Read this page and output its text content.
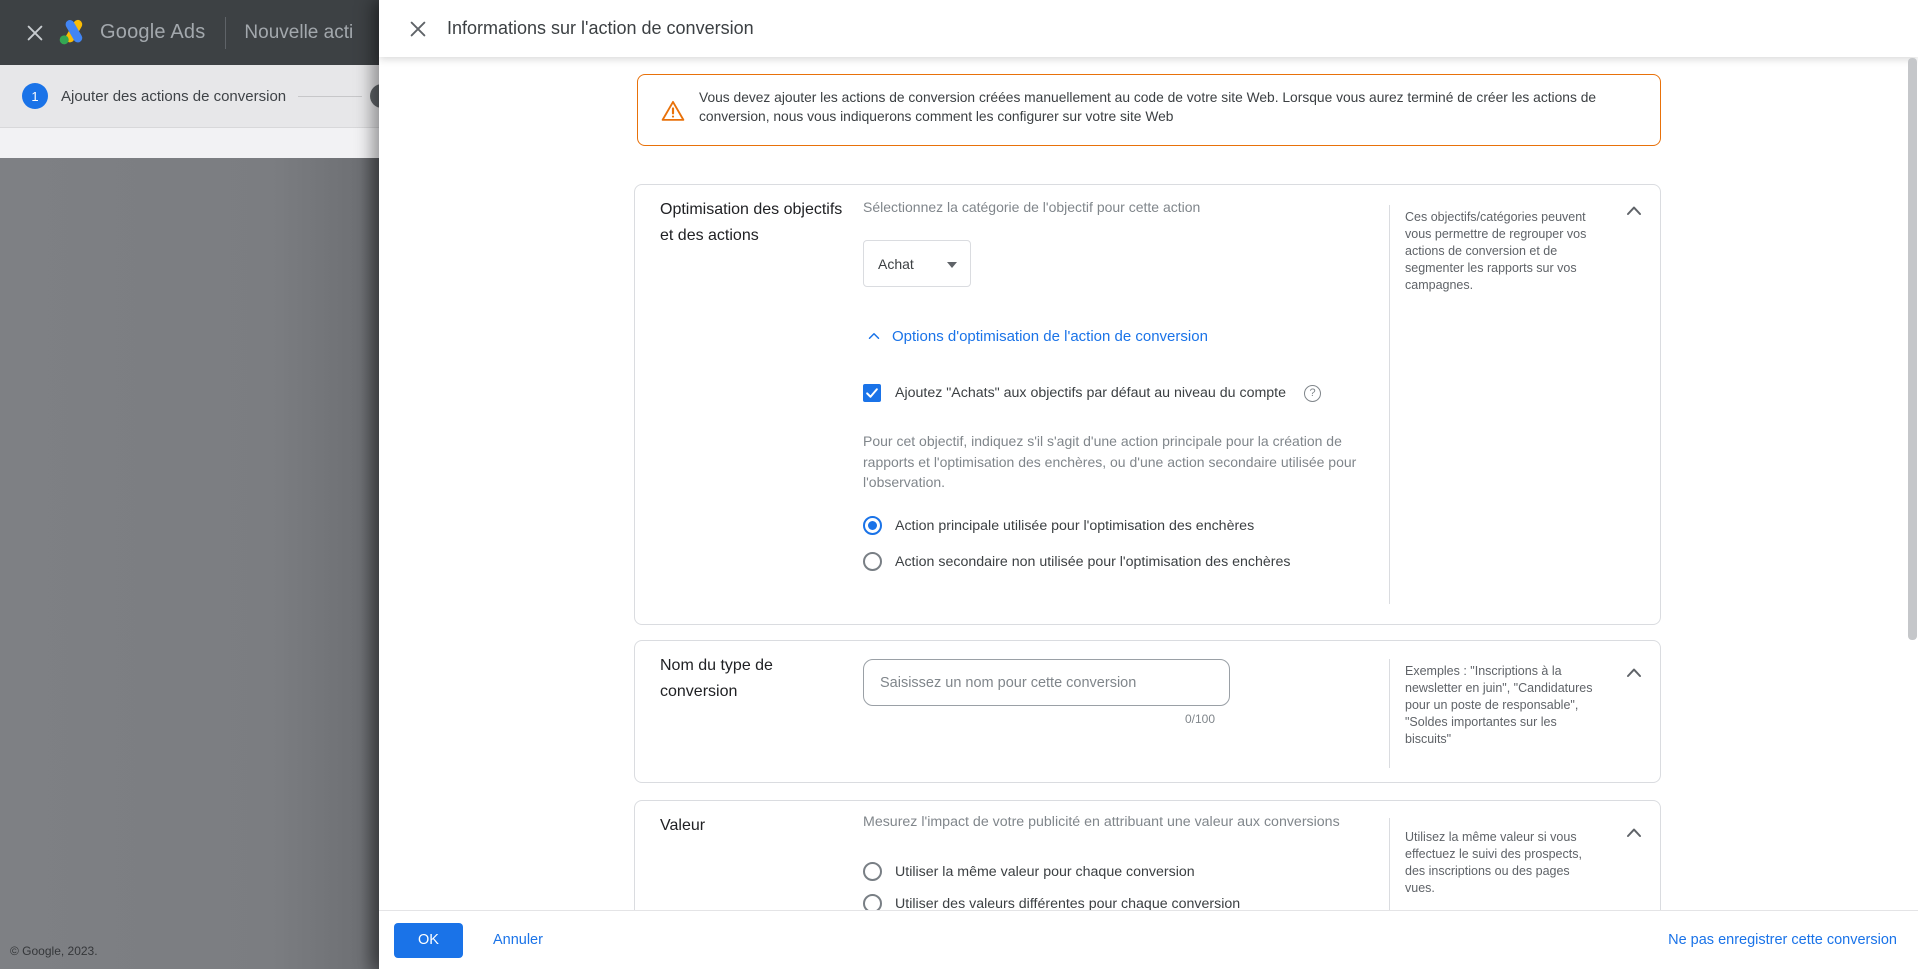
Google Ads Nouvelle acti
1	Ajouter des actions de conversion
© Google, 2023.
Informations sur l'action de conversion
Vous devez ajouter les actions de conversion créées manuellement au code de votre site Web. Lorsque vous aurez terminé de créer les actions de conversion, nous vous indiquerons comment les configurer sur votre site Web
Optimisation des objectifs et des actions
Sélectionnez la catégorie de l'objectif pour cette action
Achat
Options d'optimisation de l'action de conversion
Ajoutez "Achats" aux objectifs par défaut au niveau du compte	?
Pour cet objectif, indiquez s'il s'agit d'une action principale pour la création de rapports et l'optimisation des enchères, ou d'une action secondaire utilisée pour l'observation.
Action principale utilisée pour l'optimisation des enchères
Action secondaire non utilisée pour l'optimisation des enchères
Ces objectifs/catégories peuvent vous permettre de regrouper vos actions de conversion et de segmenter les rapports sur vos campagnes.
Nom du type de conversion
Saisissez un nom pour cette conversion
0/100
Exemples : "Inscriptions à la newsletter en juin", "Candidatures pour un poste de responsable", "Soldes importantes sur les biscuits"
Valeur	Mesurez l'impact de votre publicité en attribuant une valeur aux conversions
Utiliser la même valeur pour chaque conversion
Utiliser des valeurs différentes pour chaque conversion
Utilisez la même valeur si vous effectuez le suivi des prospects, des inscriptions ou des pages vues.
OK	Annuler	Ne pas enregistrer cette conversion
